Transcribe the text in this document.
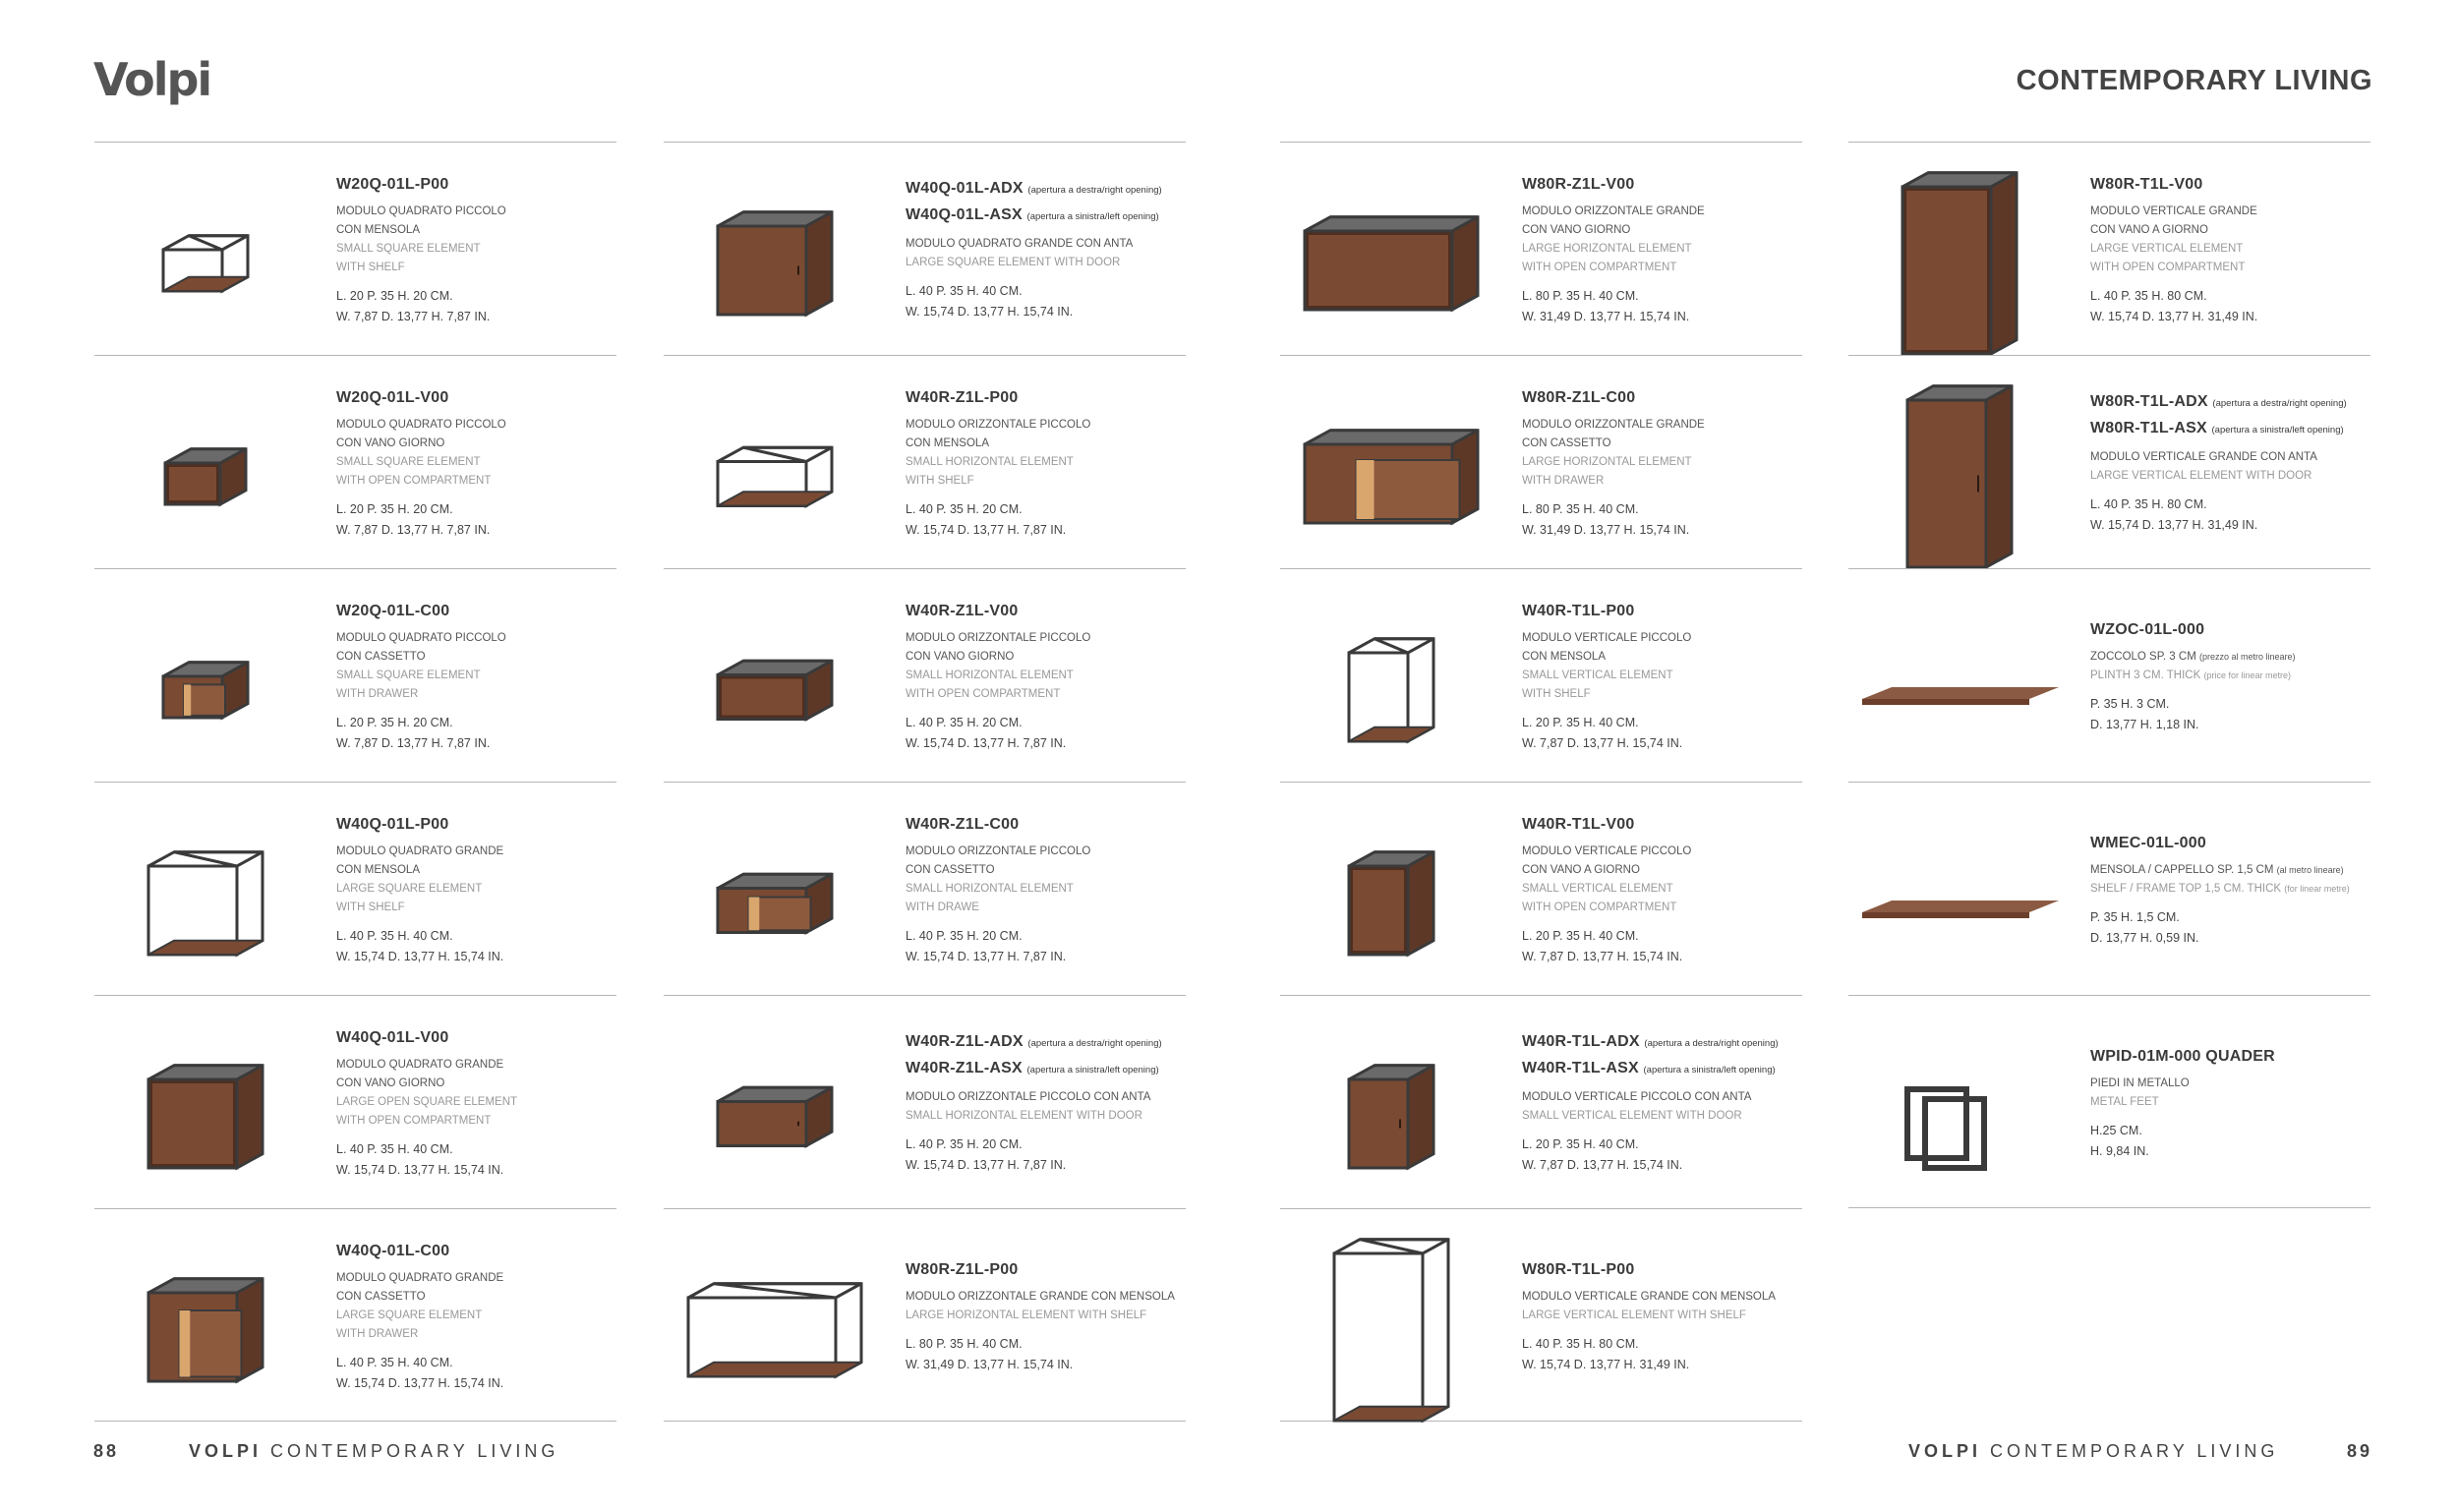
Volpi	CONTEMPORARY LIVING
W20Q-01L-P00
MODULO QUADRATO PICCOLO
CON MENSOLA
SMALL SQUARE ELEMENT
WITH SHELF
L. 20 P. 35 H. 20 CM.
W. 7,87 D. 13,77 H. 7,87 IN.
W20Q-01L-V00
MODULO QUADRATO PICCOLO
CON VANO GIORNO
SMALL SQUARE ELEMENT
WITH OPEN COMPARTMENT
L. 20 P. 35 H. 20 CM.
W. 7,87 D. 13,77 H. 7,87 IN.
W20Q-01L-C00
MODULO QUADRATO PICCOLO
CON CASSETTO
SMALL SQUARE ELEMENT
WITH DRAWER
L. 20 P. 35 H. 20 CM.
W. 7,87 D. 13,77 H. 7,87 IN.
W40Q-01L-P00
MODULO QUADRATO GRANDE
CON MENSOLA
LARGE SQUARE ELEMENT
WITH SHELF
L. 40 P. 35 H. 40 CM.
W. 15,74 D. 13,77 H. 15,74 IN.
W40Q-01L-V00
MODULO QUADRATO GRANDE
CON VANO GIORNO
LARGE OPEN SQUARE ELEMENT
WITH OPEN COMPARTMENT
L. 40 P. 35 H. 40 CM.
W. 15,74 D. 13,77 H. 15,74 IN.
W40Q-01L-C00
MODULO QUADRATO GRANDE
CON CASSETTO
LARGE SQUARE ELEMENT
WITH DRAWER
L. 40 P. 35 H. 40 CM.
W. 15,74 D. 13,77 H. 15,74 IN.
W40Q-01L-ADX (apertura a destra/right opening)
W40Q-01L-ASX (apertura a sinistra/left opening)
MODULO QUADRATO GRANDE CON ANTA
LARGE SQUARE ELEMENT WITH DOOR
L. 40 P. 35 H. 40 CM.
W. 15,74 D. 13,77 H. 15,74 IN.
W40R-Z1L-P00
MODULO ORIZZONTALE PICCOLO
CON MENSOLA
SMALL HORIZONTAL ELEMENT
WITH SHELF
L. 40 P. 35 H. 20 CM.
W. 15,74 D. 13,77 H. 7,87 IN.
W40R-Z1L-V00
MODULO ORIZZONTALE PICCOLO
CON VANO GIORNO
SMALL HORIZONTAL ELEMENT
WITH OPEN COMPARTMENT
L. 40 P. 35 H. 20 CM.
W. 15,74 D. 13,77 H. 7,87 IN.
W40R-Z1L-C00
MODULO ORIZZONTALE PICCOLO
CON CASSETTO
SMALL HORIZONTAL ELEMENT
WITH DRAWE
L. 40 P. 35 H. 20 CM.
W. 15,74 D. 13,77 H. 7,87 IN.
W40R-Z1L-ADX (apertura a destra/right opening)
W40R-Z1L-ASX (apertura a sinistra/left opening)
MODULO ORIZZONTALE PICCOLO CON ANTA
SMALL HORIZONTAL ELEMENT WITH DOOR
L. 40 P. 35 H. 20 CM.
W. 15,74 D. 13,77 H. 7,87 IN.
W80R-Z1L-P00
MODULO ORIZZONTALE GRANDE CON MENSOLA
LARGE HORIZONTAL ELEMENT WITH SHELF
L. 80 P. 35 H. 40 CM.
W. 31,49 D. 13,77 H. 15,74 IN.
W80R-Z1L-V00
MODULO ORIZZONTALE GRANDE
CON VANO GIORNO
LARGE HORIZONTAL ELEMENT
WITH OPEN COMPARTMENT
L. 80 P. 35 H. 40 CM.
W. 31,49 D. 13,77 H. 15,74 IN.
W80R-Z1L-C00
MODULO ORIZZONTALE GRANDE
CON CASSETTO
LARGE HORIZONTAL ELEMENT
WITH DRAWER
L. 80 P. 35 H. 40 CM.
W. 31,49 D. 13,77 H. 15,74 IN.
W40R-T1L-P00
MODULO VERTICALE PICCOLO
CON MENSOLA
SMALL VERTICAL ELEMENT
WITH SHELF
L. 20 P. 35 H. 40 CM.
W. 7,87 D. 13,77 H. 15,74 IN.
W40R-T1L-V00
MODULO VERTICALE PICCOLO
CON VANO A GIORNO
SMALL VERTICAL ELEMENT
WITH OPEN COMPARTMENT
L. 20 P. 35 H. 40 CM.
W. 7,87 D. 13,77 H. 15,74 IN.
W40R-T1L-ADX (apertura a destra/right opening)
W40R-T1L-ASX (apertura a sinistra/left opening)
MODULO VERTICALE PICCOLO CON ANTA
SMALL VERTICAL ELEMENT WITH DOOR
L. 20 P. 35 H. 40 CM.
W. 7,87 D. 13,77 H. 15,74 IN.
W80R-T1L-P00
MODULO VERTICALE GRANDE CON MENSOLA
LARGE VERTICAL ELEMENT WITH SHELF
L. 40 P. 35 H. 80 CM.
W. 15,74 D. 13,77 H. 31,49 IN.
W80R-T1L-V00
MODULO VERTICALE GRANDE
CON VANO A GIORNO
LARGE VERTICAL ELEMENT
WITH OPEN COMPARTMENT
L. 40 P. 35 H. 80 CM.
W. 15,74 D. 13,77 H. 31,49 IN.
W80R-T1L-ADX (apertura a destra/right opening)
W80R-T1L-ASX (apertura a sinistra/left opening)
MODULO VERTICALE GRANDE CON ANTA
LARGE VERTICAL ELEMENT WITH DOOR
L. 40 P. 35 H. 80 CM.
W. 15,74 D. 13,77 H. 31,49 IN.
WZOC-01L-000
ZOCCOLO SP. 3 CM (prezzo al metro lineare)
PLINTH 3 CM. THICK (price for linear metre)
P. 35 H. 3 CM.
D. 13,77 H. 1,18 IN.
WMEC-01L-000
MENSOLA / CAPPELLO SP. 1,5 CM (al metro lineare)
SHELF / FRAME TOP 1,5 CM. THICK (for linear metre)
P. 35 H. 1,5 CM.
D. 13,77 H. 0,59 IN.
WPID-01M-000 QUADER
PIEDI IN METALLO
METAL FEET
H.25 CM.
H. 9,84 IN.
88	VOLPI CONTEMPORARY LIVING	VOLPI CONTEMPORARY LIVING	89
